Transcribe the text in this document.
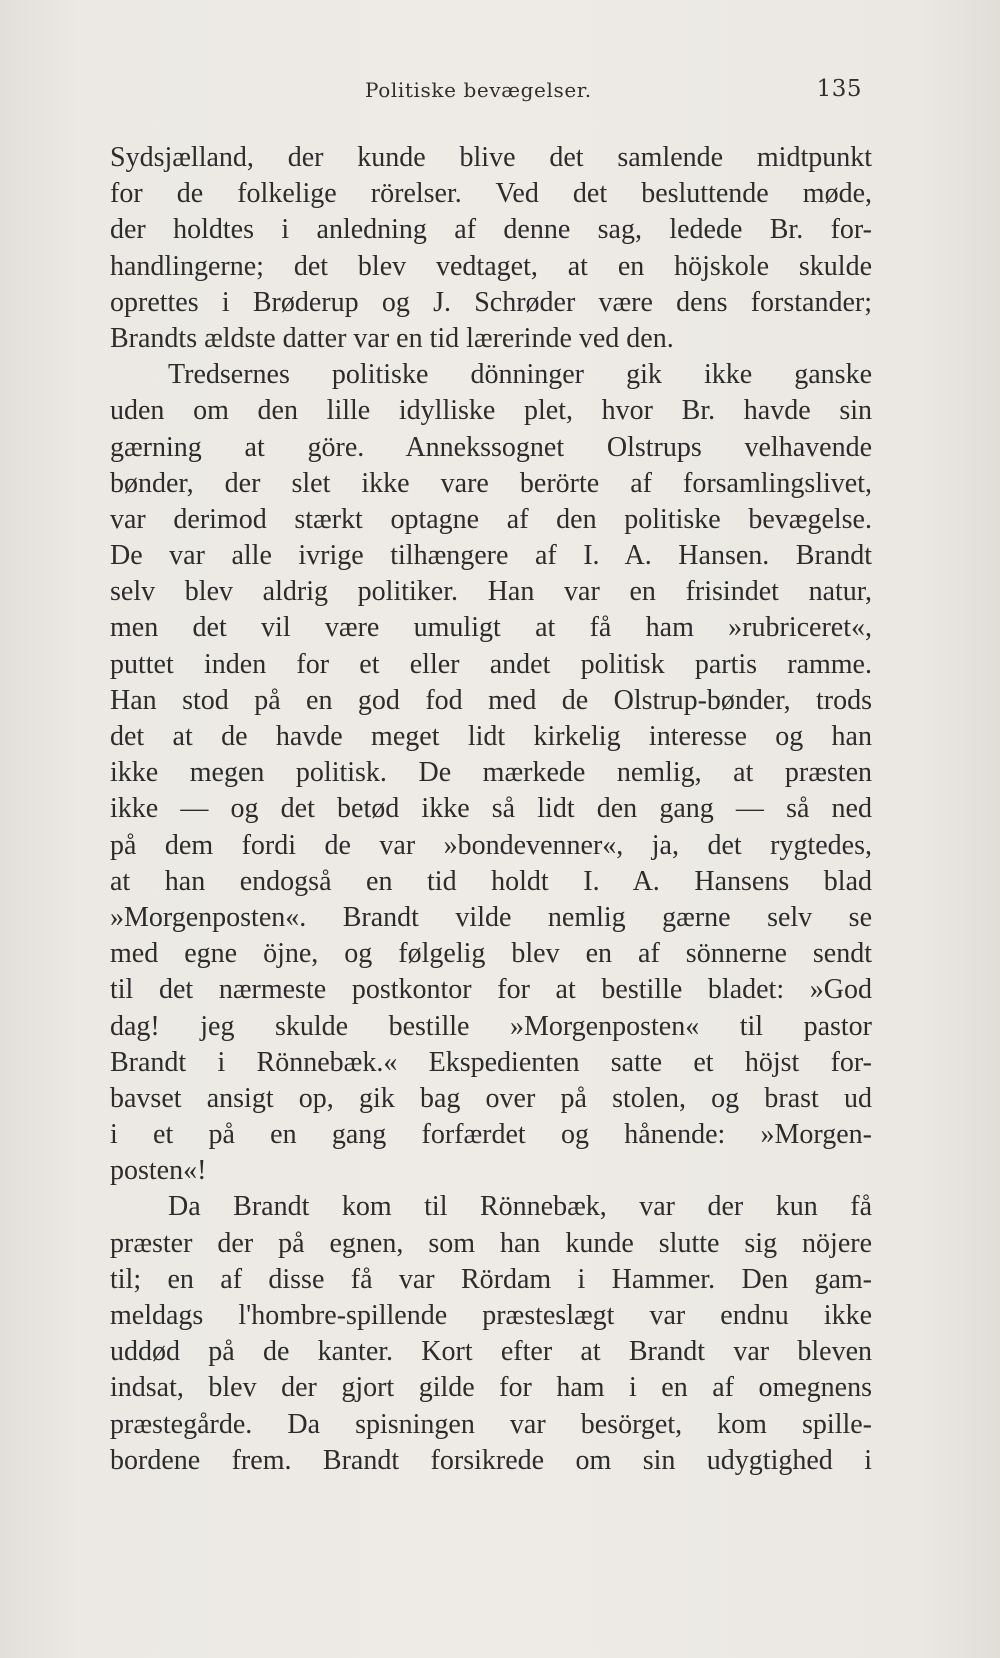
Politiske bevægelser.	135
Sydsjælland, der kunde blive det samlende midtpunkt
for de folkelige rörelser. Ved det besluttende møde,
der holdtes i anledning af denne sag, ledede Br. for-
handlingerne; det blev vedtaget, at en höjskole skulde
oprettes i Brøderup og J. Schrøder være dens forstander;
Brandts ældste datter var en tid lærerinde ved den.
Tredsernes politiske dönninger gik ikke ganske
uden om den lille idylliske plet, hvor Br. havde sin
gærning at göre. Annekssognet Olstrups velhavende
bønder, der slet ikke vare berörte af forsamlingslivet,
var derimod stærkt optagne af den politiske bevægelse.
De var alle ivrige tilhængere af I. A. Hansen. Brandt
selv blev aldrig politiker. Han var en frisindet natur,
men det vil være umuligt at få ham »rubriceret«,
puttet inden for et eller andet politisk partis ramme.
Han stod på en god fod med de Olstrup-bønder, trods
det at de havde meget lidt kirkelig interesse og han
ikke megen politisk. De mærkede nemlig, at præsten
ikke — og det betød ikke så lidt den gang — så ned
på dem fordi de var »bondevenner«, ja, det rygtedes,
at han endogså en tid holdt I. A. Hansens blad
»Morgenposten«. Brandt vilde nemlig gærne selv se
med egne öjne, og følgelig blev en af sönnerne sendt
til det nærmeste postkontor for at bestille bladet: »God
dag! jeg skulde bestille »Morgenposten« til pastor
Brandt i Rönnebæk.« Ekspedienten satte et höjst for-
bavset ansigt op, gik bag over på stolen, og brast ud
i et på en gang forfærdet og hånende: »Morgen-
posten«!
Da Brandt kom til Rönnebæk, var der kun få
præster der på egnen, som han kunde slutte sig nöjere
til; en af disse få var Rördam i Hammer. Den gam-
meldags l'hombre-spillende præsteslægt var endnu ikke
uddød på de kanter. Kort efter at Brandt var bleven
indsat, blev der gjort gilde for ham i en af omegnens
præstegårde. Da spisningen var besörget, kom spille-
bordene frem. Brandt forsikrede om sin udygtighed i
